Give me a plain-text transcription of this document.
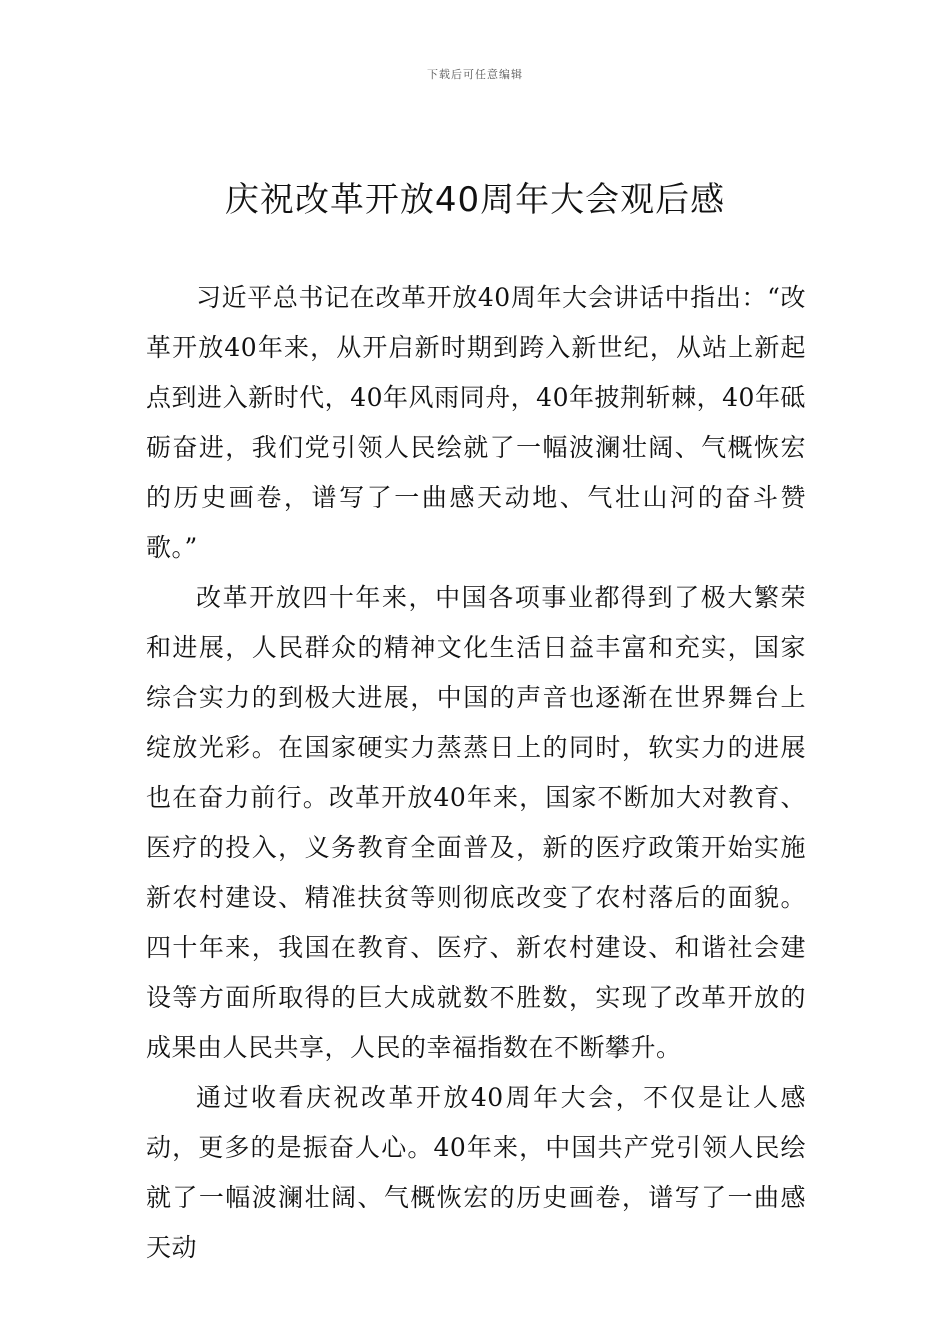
下载后可任意编辑
庆祝改革开放40周年大会观后感

习近平总书记在改革开放40周年大会讲话中指出：“改革开放40年来，从开启新时期到跨入新世纪，从站上新起点到进入新时代，40年风雨同舟，40年披荆斩棘，40年砥砺奋进，我们党引领人民绘就了一幅波澜壮阔、气概恢宏的历史画卷，谱写了一曲感天动地、气壮山河的奋斗赞歌。”

改革开放四十年来，中国各项事业都得到了极大繁荣和进展，人民群众的精神文化生活日益丰富和充实，国家综合实力的到极大进展，中国的声音也逐渐在世界舞台上绽放光彩。在国家硬实力蒸蒸日上的同时，软实力的进展也在奋力前行。改革开放40年来，国家不断加大对教育、医疗的投入，义务教育全面普及，新的医疗政策开始实施新农村建设、精准扶贫等则彻底改变了农村落后的面貌。四十年来，我国在教育、医疗、新农村建设、和谐社会建设等方面所取得的巨大成就数不胜数，实现了改革开放的成果由人民共享，人民的幸福指数在不断攀升。

通过收看庆祝改革开放40周年大会，不仅是让人感动，更多的是振奋人心。40年来，中国共产党引领人民绘就了一幅波澜壮阔、气概恢宏的历史画卷，谱写了一曲感天动
